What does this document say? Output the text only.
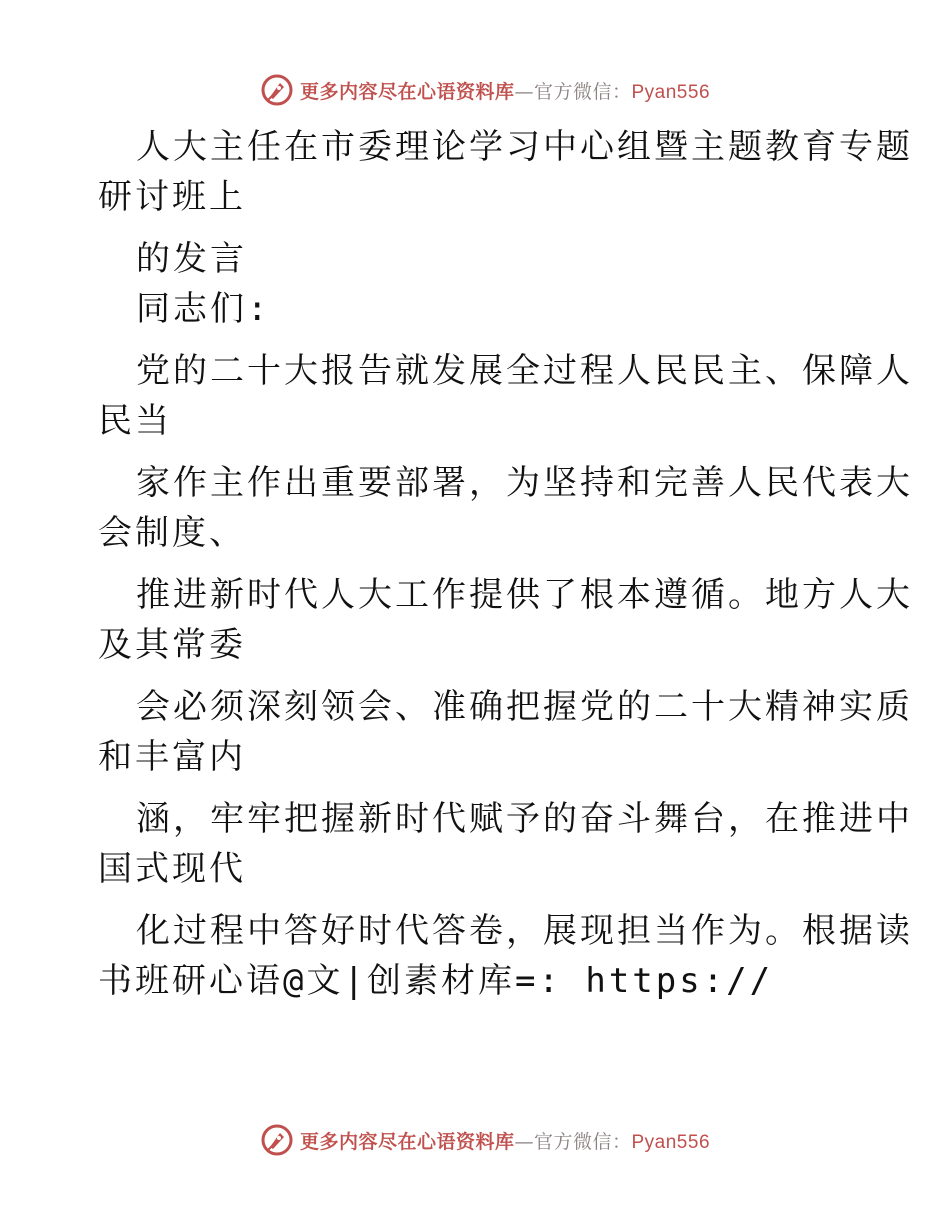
更多内容尽在心语资料库—官方微信：Pyan556

人大主任在市委理论学习中心组暨主题教育专题

研讨班上

的发言

同志们:

党的二十大报告就发展全过程人民民主、保障人

民当

家作主作出重要部署，为坚持和完善人民代表大

会制度、

推进新时代人大工作提供了根本遵循。地方人大

及其常委

会必须深刻领会、准确把握党的二十大精神实质

和丰富内

涵，牢牢把握新时代赋予的奋斗舞台，在推进中

国式现代

化过程中答好时代答卷，展现担当作为。根据读

书班研心语@文|创素材库=: https://

更多内容尽在心语资料库—官方微信：Pyan556
